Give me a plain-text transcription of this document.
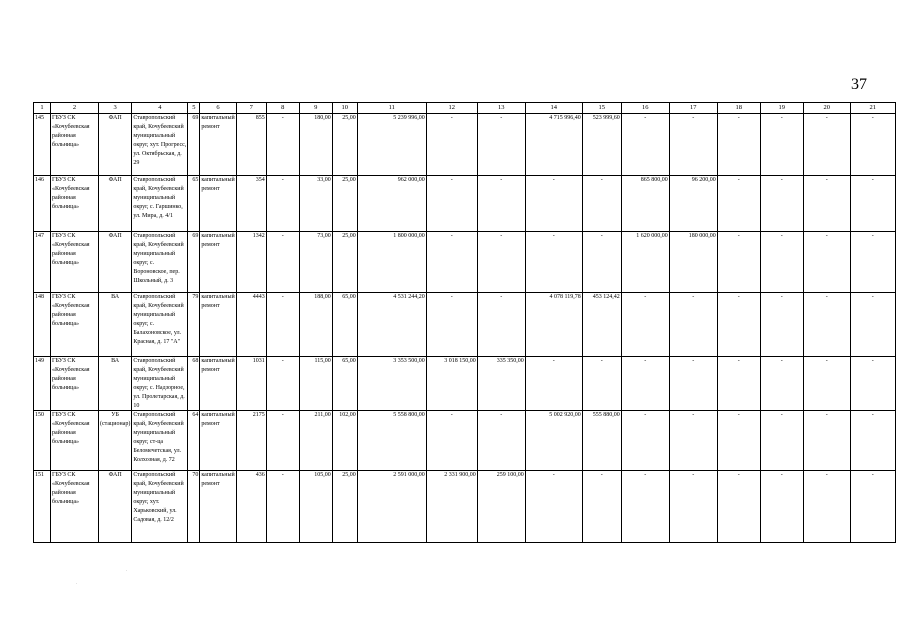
37
1	2	3	4	5	6	7	8	9	10	11	12	13	14	15	16	17	18	19	20	21
145	ГБУЗ СК «Кочубеевская районная больница»	ФАП	Ставропольский край, Кочубеевский муниципальный округ, хут. Прогресс, ул. Октябрьская, д. 29	69	капитальный ремонт	855	-	180,00	25,00	5 239 996,00	-	-	4 715 996,40	523 999,60	-	-	-	-	-	-
146	ГБУЗ СК «Кочубеевская районная больница»	ФАП	Ставропольский край, Кочубеевский муниципальный округ, с. Гаршинко, ул. Мира, д. 4/1	65	капитальный ремонт	354	-	33,00	25,00	962 000,00	-	-	-	-	865 800,00	96 200,00	-	-	-	-
147	ГБУЗ СК «Кочубеевская районная больница»	ФАП	Ставропольский край, Кочубеевский муниципальный округ, с. Вороновское, пер. Школьный, д. 3	69	капитальный ремонт	1342	-	73,00	25,00	1 800 000,00	-	-	-	-	1 620 000,00	180 000,00	-	-	-	-
148	ГБУЗ СК «Кочубеевская районная больница»	ВА	Ставропольский край, Кочубеевский муниципальный округ, с. Балахоновское, ул. Красная, д. 17 "А"	79	капитальный ремонт	4443	-	188,00	65,00	4 531 244,20	-	-	4 078 119,78	453 124,42	-	-	-	-	-	-
149	ГБУЗ СК «Кочубеевская районная больница»	ВА	Ставропольский край, Кочубеевский муниципальный округ, с. Надзорное, ул. Пролетарская, д. 10	68	капитальный ремонт	1031	-	115,00	65,00	3 353 500,00	3 018 150,00	335 350,00	-	-	-	-	-	-	-	-
150	ГБУЗ СК «Кочубеевская районная больница»	УБ (стационар)	Ставропольский край, Кочубеевский муниципальный округ, ст-ца Беломечетская, ул. Колхозная, д. 72	64	капитальный ремонт	2175	-	211,00	102,00	5 558 800,00	-	-	5 002 920,00	555 880,00	-	-	-	-	-	-
151	ГБУЗ СК «Кочубеевская районная больница»	ФАП	Ставропольский край, Кочубеевский муниципальный округ, хут. Харьковский, ул. Садовая, д. 12/2	70	капитальный ремонт	436	-	105,00	25,00	2 591 000,00	2 331 900,00	259 100,00	-	-	-	-	-	-	-	-
.
.
